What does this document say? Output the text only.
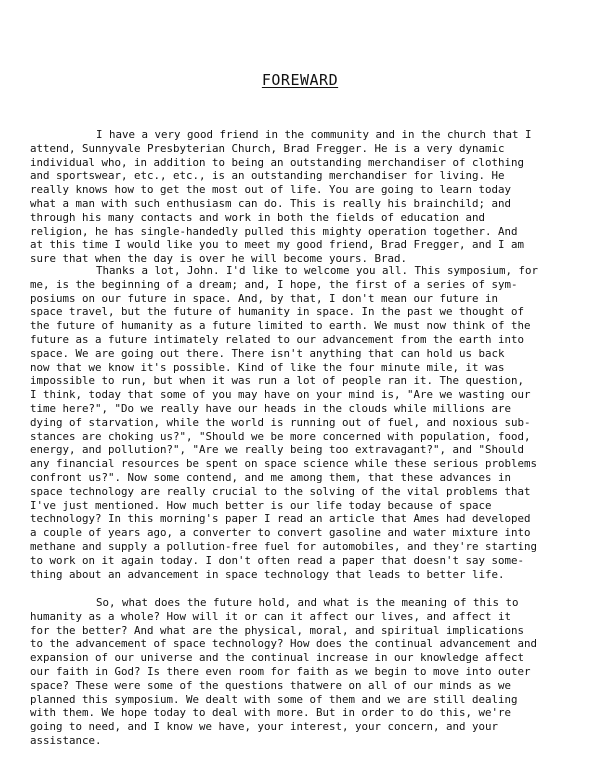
FOREWARD
I have a very good friend in the community and in the church that I
attend, Sunnyvale Presbyterian Church, Brad Fregger. He is a very dynamic
individual who, in addition to being an outstanding merchandiser of clothing
and sportswear, etc., etc., is an outstanding merchandiser for living. He
really knows how to get the most out of life. You are going to learn today
what a man with such enthusiasm can do. This is really his brainchild; and
through his many contacts and work in both the fields of education and
religion, he has single-handedly pulled this mighty operation together. And
at this time I would like you to meet my good friend, Brad Fregger, and I am
sure that when the day is over he will become yours. Brad.
Thanks a lot, John. I'd like to welcome you all. This symposium, for
me, is the beginning of a dream; and, I hope, the first of a series of sym-
posiums on our future in space. And, by that, I don't mean our future in
space travel, but the future of humanity in space. In the past we thought of
the future of humanity as a future limited to earth. We must now think of the
future as a future intimately related to our advancement from the earth into
space. We are going out there. There isn't anything that can hold us back
now that we know it's possible. Kind of like the four minute mile, it was
impossible to run, but when it was run a lot of people ran it. The question,
I think, today that some of you may have on your mind is, "Are we wasting our
time here?", "Do we really have our heads in the clouds while millions are
dying of starvation, while the world is running out of fuel, and noxious sub-
stances are choking us?", "Should we be more concerned with population, food,
energy, and pollution?", "Are we really being too extravagant?", and "Should
any financial resources be spent on space science while these serious problems
confront us?". Now some contend, and me among them, that these advances in
space technology are really crucial to the solving of the vital problems that
I've just mentioned. How much better is our life today because of space
technology? In this morning's paper I read an article that Ames had developed
a couple of years ago, a converter to convert gasoline and water mixture into
methane and supply a pollution-free fuel for automobiles, and they're starting
to work on it again today. I don't often read a paper that doesn't say some-
thing about an advancement in space technology that leads to better life.
So, what does the future hold, and what is the meaning of this to
humanity as a whole? How will it or can it affect our lives, and affect it
for the better? And what are the physical, moral, and spiritual implications
to the advancement of space technology? How does the continual advancement and
expansion of our universe and the continual increase in our knowledge affect
our faith in God? Is there even room for faith as we begin to move into outer
space? These were some of the questions thatwere on all of our minds as we
planned this symposium. We dealt with some of them and we are still dealing
with them. We hope today to deal with more. But in order to do this, we're
going to need, and I know we have, your interest, your concern, and your
assistance.
